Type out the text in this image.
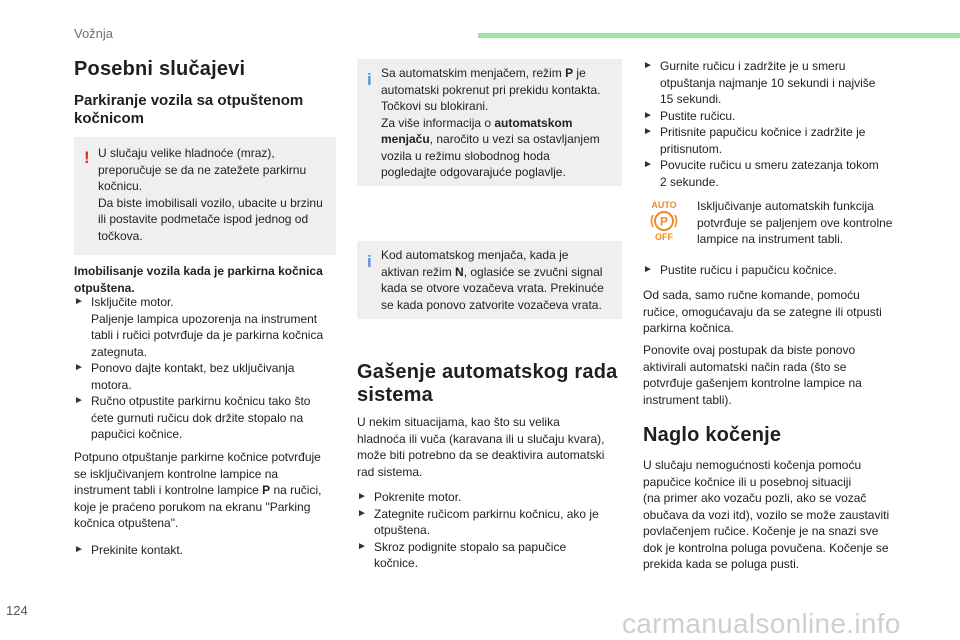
Vožnja
124	carmanualsonline.info
Posebni slučajevi
Parkiranje vozila sa otpuštenom kočnicom
! U slučaju velike hladnoće (mraz),
preporučuje se da ne zatežete parkirnu
kočnicu.
Da biste imobilisali vozilo, ubacite u brzinu
ili postavite podmetače ispod jednog od
točkova.
Imobilisanje vozila kada je parkirna kočnica
otpuštena.
► Isključite motor.
Paljenje lampica upozorenja na instrument
tabli i ručici potvrđuje da je parkirna kočnica
zategnuta.
► Ponovo dajte kontakt, bez uključivanja
motora.
► Ručno otpustite parkirnu kočnicu tako što
ćete gurnuti ručicu dok držite stopalo na
papučici kočnice.
Potpuno otpuštanje parkirne kočnice potvrđuje
se isključivanjem kontrolne lampice na
instrument tabli i kontrolne lampice P na ručici,
koje je praćeno porukom na ekranu "Parking
kočnica otpuštena".
► Prekinite kontakt.
i Sa automatskim menjačem, režim P je
automatski pokrenut pri prekidu kontakta.
Točkovi su blokirani.
Za više informacija o automatskom
menjaču, naročito u vezi sa ostavljanjem
vozila u režimu slobodnog hoda
pogledajte odgovarajuće poglavlje.
i Kod automatskog menjača, kada je
aktivan režim N, oglasiće se zvučni signal
kada se otvore vozačeva vrata. Prekinuće
se kada ponovo zatvorite vozačeva vrata.
Gašenje automatskog rada
sistema
U nekim situacijama, kao što su velika
hladnoća ili vuča (karavana ili u slučaju kvara),
može biti potrebno da se deaktivira automatski
rad sistema.
► Pokrenite motor.
► Zategnite ručicom parkirnu kočnicu, ako je
otpuštena.
► Skroz podignite stopalo sa papučice
kočnice.
► Gurnite ručicu i zadržite je u smeru
otpuštanja najmanje 10 sekundi i najviše
15 sekundi.
► Pustite ručicu.
► Pritisnite papučicu kočnice i zadržite je
pritisnutom.
► Povucite ručicu u smeru zatezanja tokom
2 sekunde.
AUTO
P
OFF
Isključivanje automatskih funkcija
potvrđuje se paljenjem ove kontrolne
lampice na instrument tabli.
► Pustite ručicu i papučicu kočnice.
Od sada, samo ručne komande, pomoću
ručice, omogućavaju da se zategne ili otpusti
parkirna kočnica.
Ponovite ovaj postupak da biste ponovo
aktivirali automatski način rada (što se
potvrđuje gašenjem kontrolne lampice na
instrument tabli).
Naglo kočenje
U slučaju nemogućnosti kočenja pomoću
papučice kočnice ili u posebnoj situaciji
(na primer ako vozaču pozli, ako se vozač
obučava da vozi itd), vozilo se može zaustaviti
povlačenjem ručice. Kočenje je na snazi sve
dok je kontrolna poluga povučena. Kočenje se
prekida kada se poluga pusti.
